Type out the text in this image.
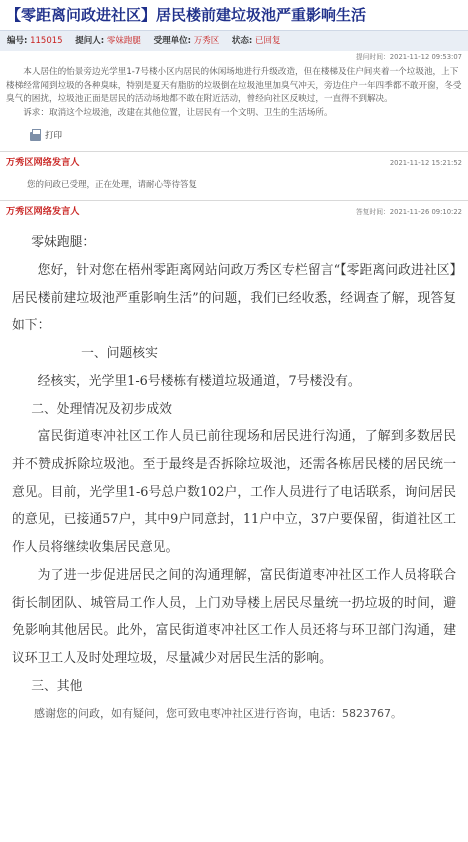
【零距离问政进社区】居民楼前建垃圾池严重影响生活
编号: 115015 提问人: 零妹跑腿 受理单位: 万秀区 状态: 已回复
提问时间：2021-11-12 09:53:07

本人居住的怡景旁边光学里1-7号楼小区内居民的休闲场地进行升级改造，但在楼梯及住户间夹着一个垃圾池，上下楼梯经常闻到垃圾的各种臭味，特别是夏天有脂肪的垃圾倒在垃圾池里加臭气冲天，旁边住户一年四季都不敢开窗，冬受臭气的困扰，垃圾池正面是居民的活动场地都不敢在附近活动，曾经向社区反映过，一直得不到解决。

诉求：取消这个垃圾池，改建在其他位置，让居民有一个文明、卫生的生活场所。

打印
万秀区网络发言人	2021-11-12 15:21:52
您的问政已受理，正在处理，请耐心等待答复
万秀区网络发言人	答复时间：2021-11-26 09:10:22

零妹跑腿：

您好，针对您在梧州零距离网站问政万秀区专栏留言“【零距离问政进社区】居民楼前建垃圾池严重影响生活”的问题，我们已经收悉，经调查了解，现答复如下：

一、问题核实

经核实，光学里1-6号楼栋有楼道垃圾通道，7号楼没有。

二、处理情况及初步成效

富民街道枣冲社区工作人员已前往现场和居民进行沟通，了解到多数居民并不赞成拆除垃圾池。至于最终是否拆除垃圾池，还需各栋居民楼的居民统一意见。目前，光学里1-6号总户数102户，工作人员进行了电话联系，询问居民的意见，已接通57户，其中9户同意封，11户中立，37户要保留，街道社区工作人员将继续收集居民意见。

为了进一步促进居民之间的沟通理解，富民街道枣冲社区工作人员将联合街长制团队、城管局工作人员，上门劝导楼上居民尽量统一扔垃圾的时间，避免影响其他居民。此外，富民街道枣冲社区工作人员还将与环卫部门沟通，建议环卫工人及时处理垃圾，尽量减少对居民生活的影响。

三、其他

感谢您的问政，如有疑问，您可致电枣冲社区进行咨询，电话：5823767。
